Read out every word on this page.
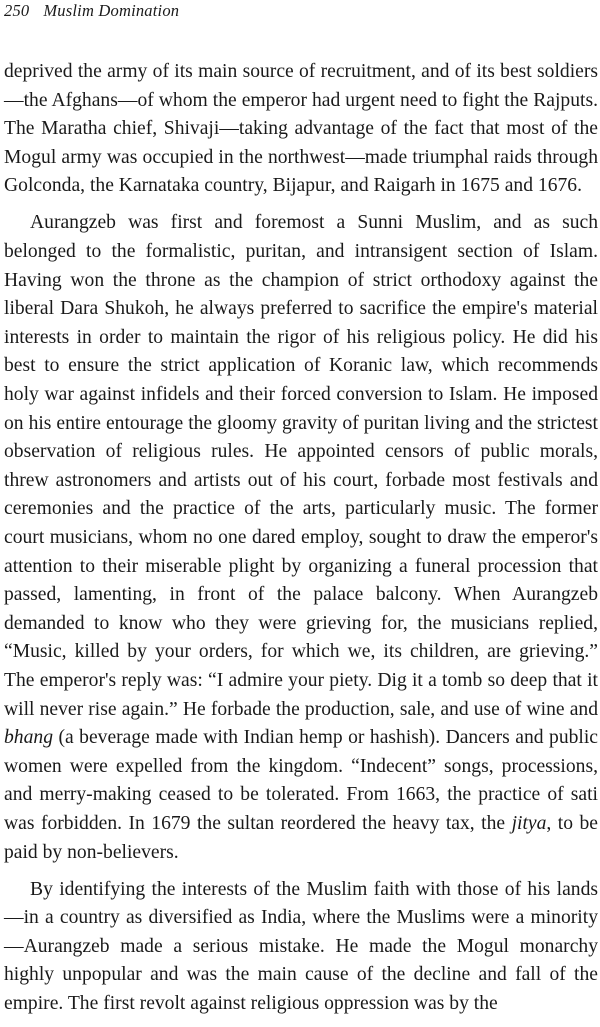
250 Muslim Domination

deprived the army of its main source of recruitment, and of its best soldiers—the Afghans—of whom the emperor had urgent need to fight the Rajputs. The Maratha chief, Shivaji—taking advantage of the fact that most of the Mogul army was occupied in the northwest—made triumphal raids through Golconda, the Karnataka country, Bijapur, and Raigarh in 1675 and 1676.

Aurangzeb was first and foremost a Sunni Muslim, and as such belonged to the formalistic, puritan, and intransigent section of Islam. Having won the throne as the champion of strict orthodoxy against the liberal Dara Shukoh, he always preferred to sacrifice the empire's material interests in order to maintain the rigor of his religious policy. He did his best to ensure the strict application of Koranic law, which recommends holy war against infidels and their forced conversion to Islam. He imposed on his entire entourage the gloomy gravity of puritan living and the strictest observation of religious rules. He appointed censors of public morals, threw astronomers and artists out of his court, forbade most festivals and ceremonies and the practice of the arts, particularly music. The former court musicians, whom no one dared employ, sought to draw the emperor's attention to their miserable plight by organizing a funeral procession that passed, lamenting, in front of the palace balcony. When Aurangzeb demanded to know who they were grieving for, the musicians replied, “Music, killed by your orders, for which we, its children, are grieving.” The emperor's reply was: “I admire your piety. Dig it a tomb so deep that it will never rise again.” He forbade the production, sale, and use of wine and bhang (a beverage made with Indian hemp or hashish). Dancers and public women were expelled from the kingdom. “Indecent” songs, processions, and merry-making ceased to be tolerated. From 1663, the practice of sati was forbidden. In 1679 the sultan reordered the heavy tax, the jitya, to be paid by non-believers.

By identifying the interests of the Muslim faith with those of his lands—in a country as diversified as India, where the Muslims were a minority—Aurangzeb made a serious mistake. He made the Mogul monarchy highly unpopular and was the main cause of the decline and fall of the empire. The first revolt against religious oppression was by the
